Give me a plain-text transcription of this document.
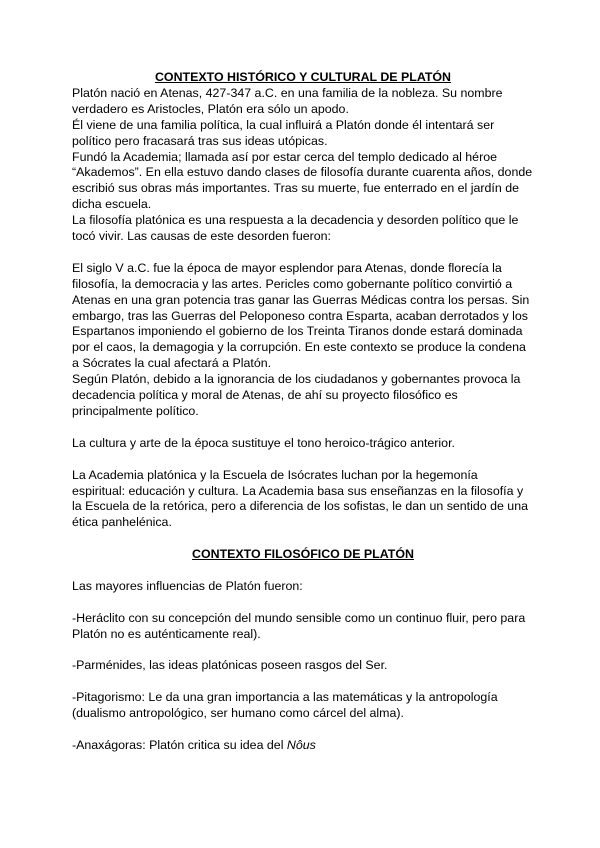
CONTEXTO HISTÓRICO Y CULTURAL DE PLATÓN

Platón nació en Atenas, 427-347 a.C. en una familia de la nobleza. Su nombre verdadero es Aristocles, Platón era sólo un apodo.

Él viene de una familia política, la cual influirá a Platón donde él intentará ser político pero fracasará tras sus ideas utópicas.

Fundó la Academia; llamada así por estar cerca del templo dedicado al héroe “Akademos”. En ella estuvo dando clases de filosofía durante cuarenta años, donde escribió sus obras más importantes. Tras su muerte, fue enterrado en el jardín de dicha escuela.

La filosofía platónica es una respuesta a la decadencia y desorden político que le tocó vivir. Las causas de este desorden fueron:

El siglo V a.C. fue la época de mayor esplendor para Atenas, donde florecía la filosofía, la democracia y las artes. Pericles como gobernante político convirtió a Atenas en una gran potencia tras ganar las Guerras Médicas contra los persas. Sin embargo, tras las Guerras del Peloponeso contra Esparta, acaban derrotados y los Espartanos imponiendo el gobierno de los Treinta Tiranos donde estará dominada por el caos, la demagogia y la corrupción. En este contexto se produce la condena a Sócrates la cual afectará a Platón.

Según Platón, debido a la ignorancia de los ciudadanos y gobernantes provoca la decadencia política y moral de Atenas, de ahí su proyecto filosófico es principalmente político.

La cultura y arte de la época sustituye el tono heroico-trágico anterior.

La Academia platónica y la Escuela de Isócrates luchan por la hegemonía espiritual: educación y cultura. La Academia basa sus enseñanzas en la filosofía y la Escuela de la retórica, pero a diferencia de los sofistas, le dan un sentido de una ética panhelénica.

CONTEXTO FILOSÓFICO DE PLATÓN

Las mayores influencias de Platón fueron:

-Heráclito con su concepción del mundo sensible como un continuo fluir, pero para Platón no es auténticamente real).

-Parménides, las ideas platónicas poseen rasgos del Ser.

-Pitagorismo: Le da una gran importancia a las matemáticas y la antropología (dualismo antropológico, ser humano como cárcel del alma).

-Anaxágoras: Platón critica su idea del Nôus
